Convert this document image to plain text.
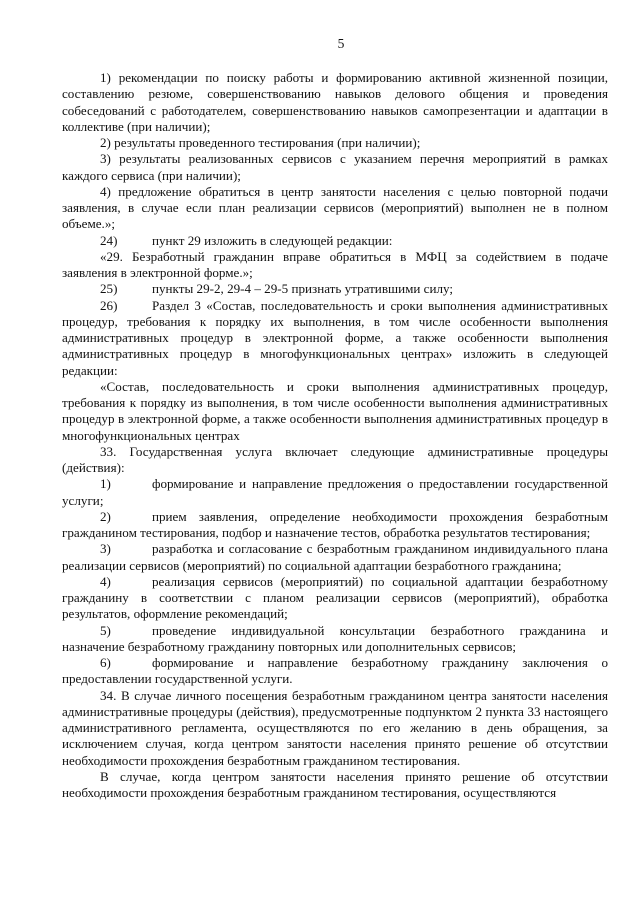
5

1) рекомендации по поиску работы и формированию активной жизненной позиции, составлению резюме, совершенствованию навыков делового общения и проведения собеседований с работодателем, совершенствованию навыков самопрезентации и адаптации в коллективе (при наличии);

2) результаты проведенного тестирования (при наличии);

3) результаты реализованных сервисов с указанием перечня мероприятий в рамках каждого сервиса (при наличии);

4) предложение обратиться в центр занятости населения с целью повторной подачи заявления, в случае если план реализации сервисов (мероприятий) выполнен не в полном объеме.»;

24)	пункт 29 изложить в следующей редакции:

«29. Безработный гражданин вправе обратиться в МФЦ за содействием в подаче заявления в электронной форме.»;

25)	пункты 29-2, 29-4 – 29-5 признать утратившими силу;

26)	Раздел 3 «Состав, последовательность и сроки выполнения административных процедур, требования к порядку их выполнения, в том числе особенности выполнения административных процедур в электронной форме, а также особенности выполнения административных процедур в многофункциональных центрах» изложить в следующей редакции:

«Состав, последовательность и сроки выполнения административных процедур, требования к порядку из выполнения, в том числе особенности выполнения административных процедур в электронной форме, а также особенности выполнения административных процедур в многофункциональных центрах

33. Государственная услуга включает следующие административные процедуры (действия):

1)	формирование и направление предложения о предоставлении государственной услуги;

2)	прием заявления, определение необходимости прохождения безработным гражданином тестирования, подбор и назначение тестов, обработка результатов тестирования;

3)	разработка и согласование с безработным гражданином индивидуального плана реализации сервисов (мероприятий) по социальной адаптации безработного гражданина;

4)	реализация сервисов (мероприятий) по социальной адаптации безработному гражданину в соответствии с планом реализации сервисов (мероприятий), обработка результатов, оформление рекомендаций;

5)	проведение индивидуальной консультации безработного гражданина и назначение безработному гражданину повторных или дополнительных сервисов;

6)	формирование и направление безработному гражданину заключения о предоставлении государственной услуги.

34. В случае личного посещения безработным гражданином центра занятости населения административные процедуры (действия), предусмотренные подпунктом 2 пункта 33 настоящего административного регламента, осуществляются по его желанию в день обращения, за исключением случая, когда центром занятости населения принято решение об отсутствии необходимости прохождения безработным гражданином тестирования.

В случае, когда центром занятости населения принято решение об отсутствии необходимости прохождения безработным гражданином тестирования, осуществляются
